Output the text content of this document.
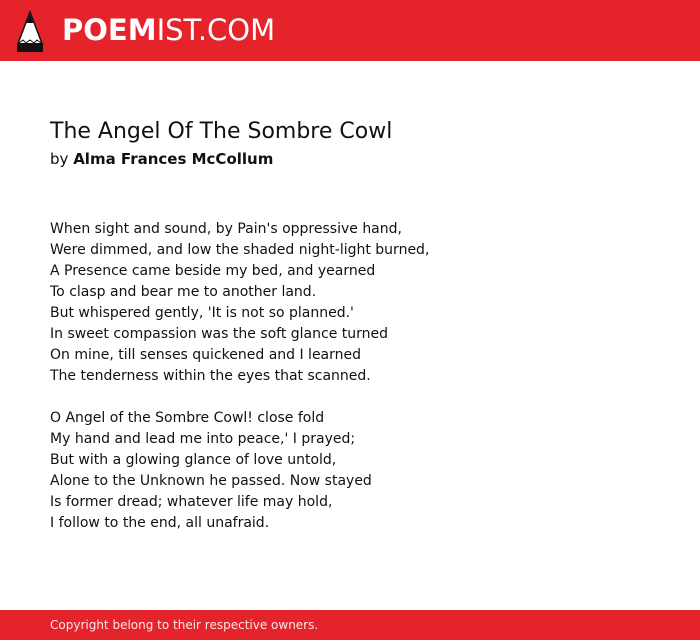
POEMIST.COM
The Angel Of The Sombre Cowl
by Alma Frances McCollum
When sight and sound, by Pain's oppressive hand,
Were dimmed, and low the shaded night-light burned,
A Presence came beside my bed, and yearned
To clasp and bear me to another land.
But whispered gently, 'It is not so planned.'
In sweet compassion was the soft glance turned
On mine, till senses quickened and I learned
The tenderness within the eyes that scanned.
O Angel of the Sombre Cowl! close fold
My hand and lead me into peace,' I prayed;
But with a glowing glance of love untold,
Alone to the Unknown he passed. Now stayed
Is former dread; whatever life may hold,
I follow to the end, all unafraid.
Copyright belong to their respective owners.
